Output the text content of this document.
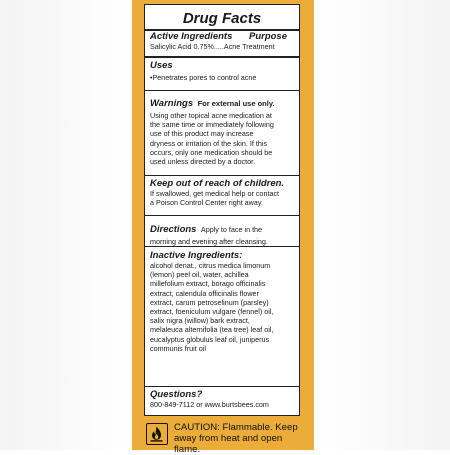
Drug Facts
Active Ingredients Purpose
Salicylic Acid 0.75%.....Acne Treatment
Uses
•Penetrates pores to control acne
Warnings For external use only.
Using other topical acne medication at
the same time or immediately following
use of this product may increase
dryness or irritation of the skin. If this
occurs, only one medication should be
used unless directed by a doctor.
Keep out of reach of children.
If swallowed, get medical help or contact
a Poison Control Center right away.
Directions Apply to face in the
morning and evening after cleansing.
Inactive Ingredients:
alcohol denat., citrus medica limonum
(lemon) peel oil, water, achillea
millefolium extract, borago officinalis
extract, calendula officinalis flower
extract, carum petroselinum (parsley)
extract, foeniculum vulgare (fennel) oil,
salix nigra (willow) bark extract,
melaleuca alternifolia (tea tree) leaf oil,
eucalyptus globulus leaf oil, juniperus
communis fruit oil
Questions?
800-849-7112 or www.burtsbees.com
CAUTION: Flammable. Keep
away from heat and open flame.
